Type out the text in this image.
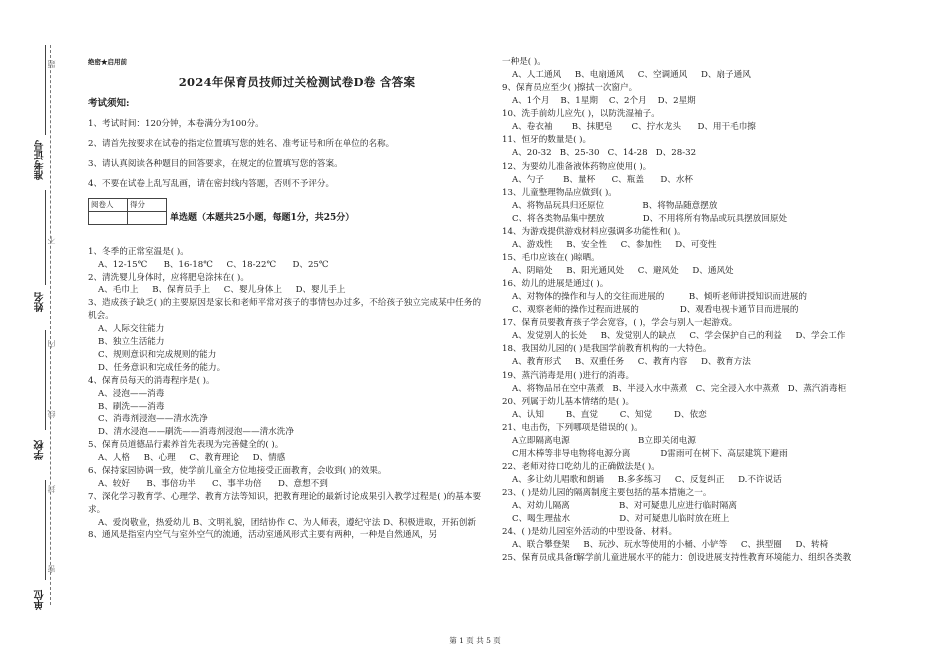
准考证号
姓名
学校
单位
题
不
内
线
封
密
绝密★启用前
2024年保育员技师过关检测试卷D卷 含答案
考试须知:

1、考试时间：120分钟，本卷满分为100分。

2、请首先按要求在试卷的指定位置填写您的姓名、准考证号和所在单位的名称。

3、请认真阅读各种题目的回答要求，在规定的位置填写您的答案。

4、不要在试卷上乱写乱画，请在密封线内答题，否则不予评分。

阅卷人	得分

单选题（本题共25小题，每题1分，共25分）
1、冬季的正常室温是( )。
A、12-15℃      B、16-18℃     C、18-22℃      D、25℃
2、清洗婴儿身体时，应将肥皂涂抹在( )。
A、毛巾上     B、保育员手上     C、婴儿身体上     D、婴儿手上
3、造成孩子缺乏( )的主要原因是家长和老师平常对孩子的事情包办过多，不给孩子独立完成某中任务的机会。
A、人际交往能力
B、独立生活能力
C、规则意识和完成规则的能力
D、任务意识和完成任务的能力。
4、保育员每天的消毒程序是( )。
A、浸泡——消毒
B、刷洗——消毒
C、消毒剂浸泡——清水洗净
D、清水浸泡——刷洗——消毒剂浸泡——清水洗净
5、保育员道德品行素养首先表现为完善健全的( )。
A、人格     B、心理     C、教育理论     D、情感
6、保持家园协调一致，使学前儿童全方位地接受正面教育，会收到( )的效果。
A、较好      B、事倍功半      C、事半功倍      D、意想不到
7、深化学习教育学、心理学、教育方法等知识，把教育理论的最新讨论成果引入教学过程是( )的基本要求。
A、爱岗敬业，热爱幼儿 B、文明礼貌，团结协作 C、为人师表，遵纪守法 D、积极进取，开拓创新
8、通风是指室内空气与室外空气的流通，活动室通风形式主要有两种，一种是自然通风，另
一种是( )。
A、人工通风     B、电扇通风     C、空调通风     D、扇子通风
9、保育员应至少( )擦拭一次窗户。
A、1个月    B、1星期    C、2个月    D、2星期
10、洗手前幼儿应先( )，以防洗湿袖子。
A、卷衣袖       B、抹肥皂       C、拧水龙头      D、用干毛巾擦
11、恒牙的数量是( )。
A、20-32   B、25-30   C、14-28   D、28-32
12、为要幼儿准备液体药物应使用( )。
A、勺子       B、量杯      C、瓶盖      D、水杯
13、儿童整理物品应做到( )。
A、将物品玩具归还原位              B、将物品随意摆放
C、将各类物品集中摆放              D、不用将所有物品或玩具摆放回原处
14、为游戏提供游戏材料应强调多功能性和( )。
A、游戏性     B、安全性     C、参加性     D、可变性
15、毛巾应该在( )晾晒。
A、阴暗处     B、阳光通风处     C、避风处     D、通风处
16、幼儿的进展是通过( )。
A、对物体的操作和与人的交往而进展的         B、倾听老师讲授知识而进展的
C、观察老师的操作过程而进展的               D、观看电视卡通节目而进展的
17、保育员要教育孩子学会宽容，( )，学会与别人一起游戏。
A、发觉别人的长处     B、发觉别人的缺点     C、学会保护自己的利益     D、学会工作
18、我国幼儿园的( )是我国学前教育机构的一大特色。
A、教育形式     B、双重任务     C、教育内容     D、教育方法
19、蒸汽消毒是用( )进行的消毒。
A、将物品吊在空中蒸煮   B、半浸入水中蒸煮   C、完全浸入水中蒸煮   D、蒸汽消毒柜
20、列属于幼儿基本情绪的是( )。
A、认知        B、直觉        C、知觉        D、依恋
21、电击伤，下列哪项是错误的( )。
A立即隔离电源                         B立即关闭电源
C用木棒等非导电物将电源分离           D雷雨可在树下、高层建筑下避雨
22、老师对待口吃幼儿的正确做法是( )。
A、多让幼儿唱歌和朗诵     B.多多练习     C、反复纠正     D.不许说话
23、( )是幼儿园的隔离制度主要包括的基本措施之一。
A、对幼儿隔离                  B、对可疑患儿应进行临时隔离
C、喝生理盐水                  D、对可疑患儿临时放在班上
24、( )是幼儿园室外活动的中型设备、材料。
A、联合攀登架     B、玩沙、玩水等使用的小桶、小铲等     C、拱型圈     D、转椅
25、保育员成具备f解学前儿童进展水平的能力：创设进展支持性教育环境能力、组织各类教
第 1 页 共 5 页
